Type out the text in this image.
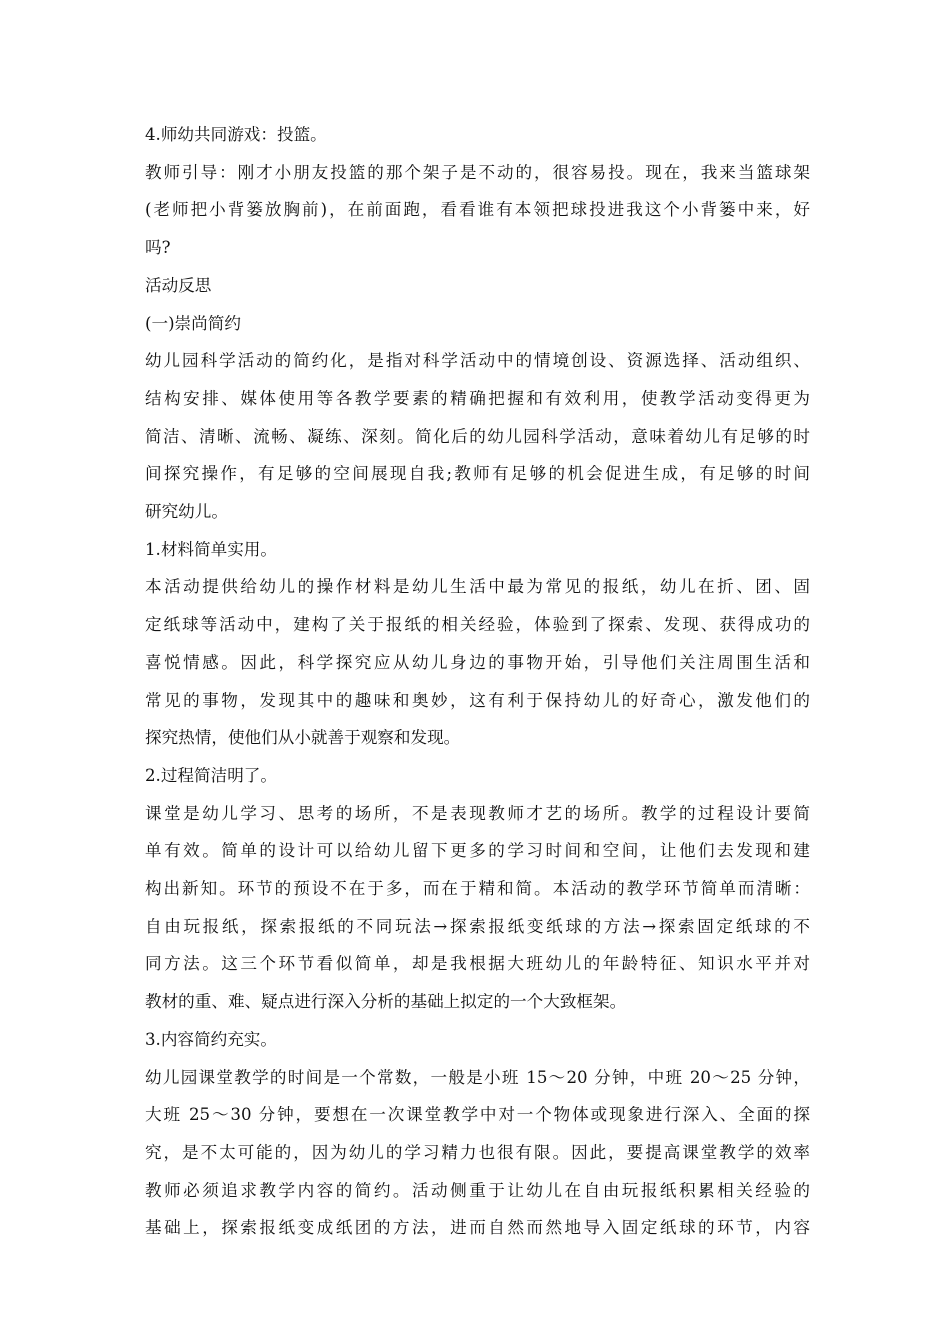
4.师幼共同游戏：投篮。
教师引导：刚才小朋友投篮的那个架子是不动的，很容易投。现在，我来当篮球架
(老师把小背篓放胸前)，在前面跑，看看谁有本领把球投进我这个小背篓中来，好
吗?
活动反思
(一)崇尚简约
幼儿园科学活动的简约化，是指对科学活动中的情境创设、资源选择、活动组织、
结构安排、媒体使用等各教学要素的精确把握和有效利用，使教学活动变得更为
简洁、清晰、流畅、凝练、深刻。简化后的幼儿园科学活动，意味着幼儿有足够的时
间探究操作，有足够的空间展现自我;教师有足够的机会促进生成，有足够的时间
研究幼儿。
1.材料简单实用。
本活动提供给幼儿的操作材料是幼儿生活中最为常见的报纸，幼儿在折、团、固
定纸球等活动中，建构了关于报纸的相关经验，体验到了探索、发现、获得成功的
喜悦情感。因此，科学探究应从幼儿身边的事物开始，引导他们关注周围生活和
常见的事物，发现其中的趣味和奥妙，这有利于保持幼儿的好奇心，激发他们的
探究热情，使他们从小就善于观察和发现。
2.过程简洁明了。
课堂是幼儿学习、思考的场所，不是表现教师才艺的场所。教学的过程设计要简
单有效。简单的设计可以给幼儿留下更多的学习时间和空间，让他们去发现和建
构出新知。环节的预设不在于多，而在于精和简。本活动的教学环节简单而清晰：
自由玩报纸，探索报纸的不同玩法→探索报纸变纸球的方法→探索固定纸球的不
同方法。这三个环节看似简单，却是我根据大班幼儿的年龄特征、知识水平并对
教材的重、难、疑点进行深入分析的基础上拟定的一个大致框架。
3.内容简约充实。
幼儿园课堂教学的时间是一个常数，一般是小班 15～20 分钟，中班 20～25 分钟，
大班 25～30 分钟，要想在一次课堂教学中对一个物体或现象进行深入、全面的探
究，是不太可能的，因为幼儿的学习精力也很有限。因此，要提高课堂教学的效率
教师必须追求教学内容的简约。活动侧重于让幼儿在自由玩报纸积累相关经验的
基础上，探索报纸变成纸团的方法，进而自然而然地导入固定纸球的环节，内容
